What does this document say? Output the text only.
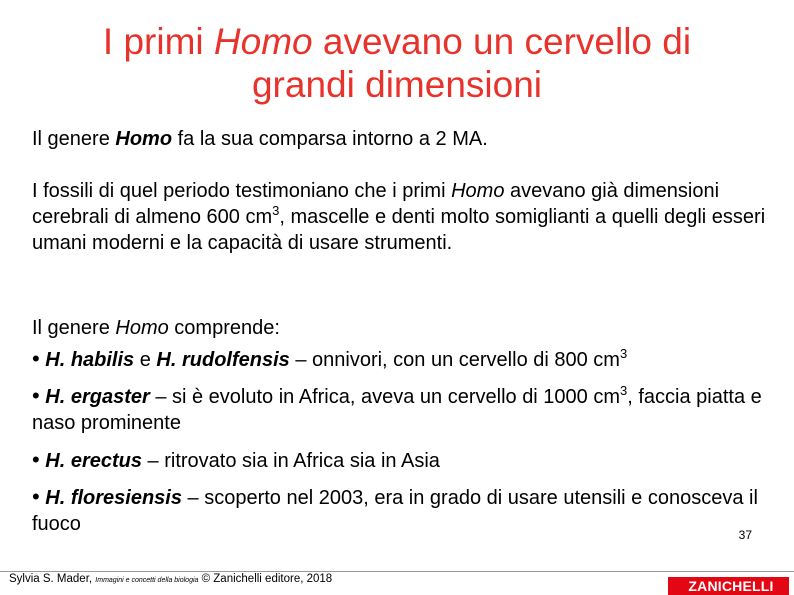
I primi Homo avevano un cervello di
grandi dimensioni
Il genere Homo fa la sua comparsa intorno a 2 MA.
I fossili di quel periodo testimoniano che i primi Homo avevano già dimensioni cerebrali di almeno 600 $cm^3$, mascelle e denti molto somiglianti a quelli degli esseri umani moderni e la capacità di usare strumenti.
Il genere Homo comprende:
• H. habilis e H. rudolfensis – onnivori, con un cervello di 800 $cm^3$
• H. ergaster – si è evoluto in Africa, aveva un cervello di 1000 $cm^3$, faccia piatta e naso prominente
• H. erectus – ritrovato sia in Africa sia in Asia
• H. floresiensis – scoperto nel 2003, era in grado di usare utensili e conosceva il fuoco	37
Sylvia S. Mader, Immagini e concetti della biologia © Zanichelli editore, 2018	ZANICHELLI
